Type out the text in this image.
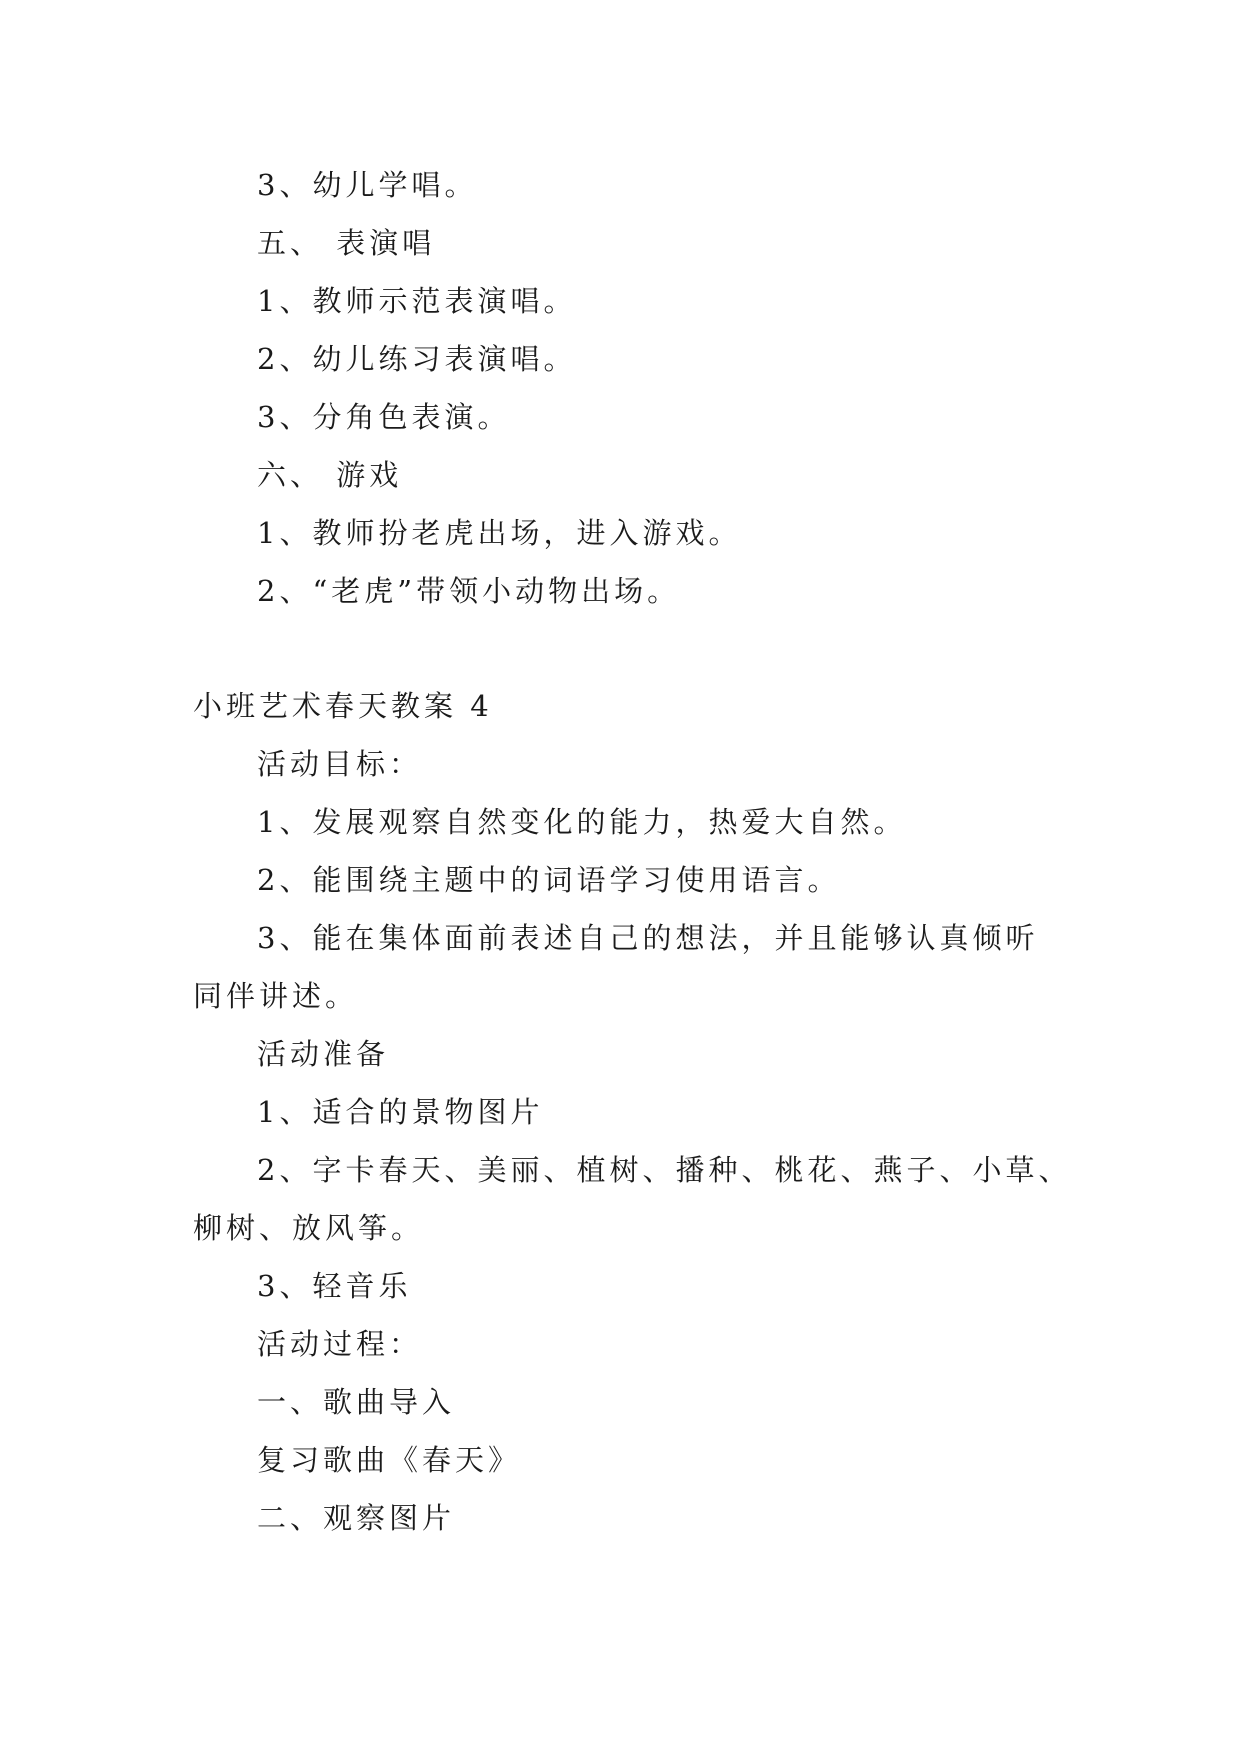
3、幼儿学唱。
五、 表演唱
1、教师示范表演唱。
2、幼儿练习表演唱。
3、分角色表演。
六、 游戏
1、教师扮老虎出场，进入游戏。
2、“老虎”带领小动物出场。
小班艺术春天教案 4
活动目标：
1、发展观察自然变化的能力，热爱大自然。
2、能围绕主题中的词语学习使用语言。
3、能在集体面前表述自己的想法，并且能够认真倾听
同伴讲述。
活动准备
1、适合的景物图片
2、字卡春天、美丽、植树、播种、桃花、燕子、小草、
柳树、放风筝。
3、轻音乐
活动过程：
一、歌曲导入
复习歌曲《春天》
二、观察图片
